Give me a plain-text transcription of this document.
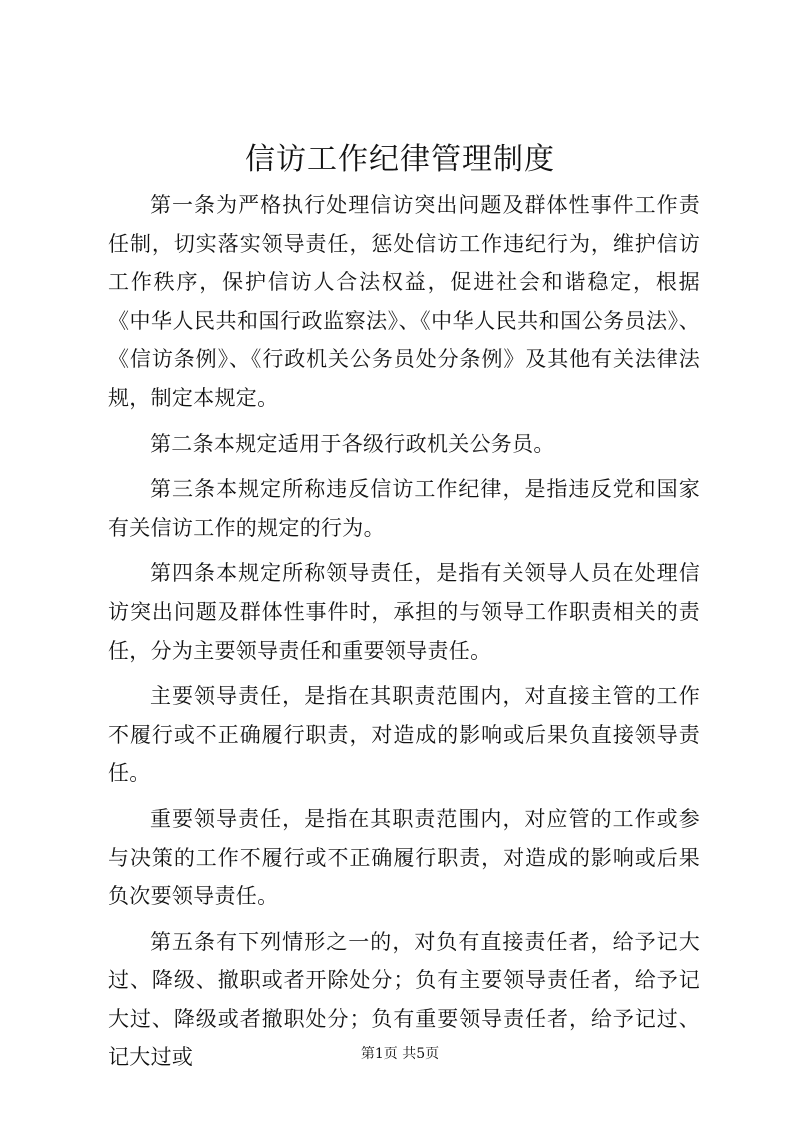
信访工作纪律管理制度

第一条为严格执行处理信访突出问题及群体性事件工作责任制，切实落实领导责任，惩处信访工作违纪行为，维护信访工作秩序，保护信访人合法权益，促进社会和谐稳定，根据《中华人民共和国行政监察法》、《中华人民共和国公务员法》、《信访条例》、《行政机关公务员处分条例》及其他有关法律法规，制定本规定。

第二条本规定适用于各级行政机关公务员。

第三条本规定所称违反信访工作纪律，是指违反党和国家有关信访工作的规定的行为。

第四条本规定所称领导责任，是指有关领导人员在处理信访突出问题及群体性事件时，承担的与领导工作职责相关的责任，分为主要领导责任和重要领导责任。

主要领导责任，是指在其职责范围内，对直接主管的工作不履行或不正确履行职责，对造成的影响或后果负直接领导责任。

重要领导责任，是指在其职责范围内，对应管的工作或参与决策的工作不履行或不正确履行职责，对造成的影响或后果负次要领导责任。

第五条有下列情形之一的，对负有直接责任者，给予记大过、降级、撤职或者开除处分；负有主要领导责任者，给予记大过、降级或者撤职处分；负有重要领导责任者，给予记过、记大过或	第1页 共5页
